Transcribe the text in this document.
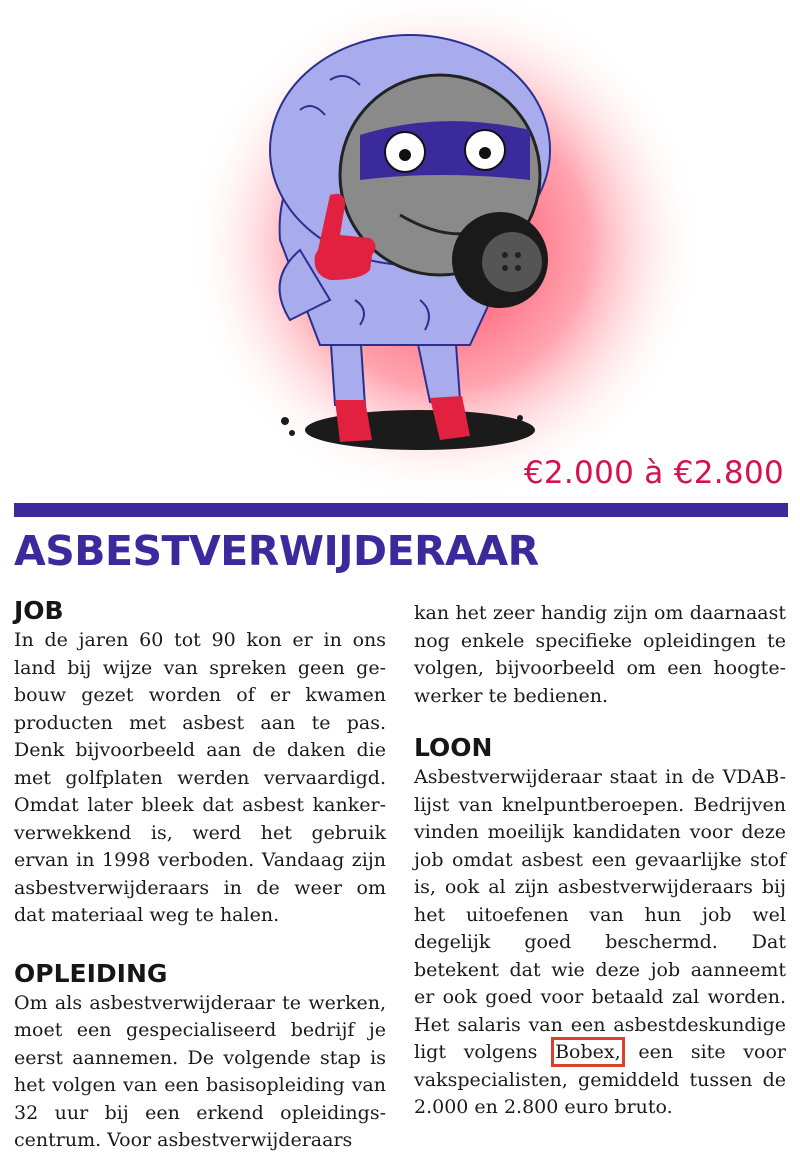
€2.000 à €2.800
ASBESTVERWIJDERAAR
JOB

In de jaren 60 tot 90 kon er in ons land bij wijze van spreken geen gebouw gezet worden of er kwamen producten met asbest aan te pas. Denk bijvoorbeeld aan de daken die met golfplaten werden vervaardigd. Omdat later bleek dat asbest kankerverwekkend is, werd het gebruik ervan in 1998 verboden. Vandaag zijn asbestverwijderaars in de weer om dat materiaal weg te halen.

OPLEIDING

Om als asbestverwijderaar te werken, moet een gespecialiseerd bedrijf je eerst aannemen. De volgende stap is het volgen van een basisopleiding van 32 uur bij een erkend opleidingscentrum. Voor asbestverwijderaars

kan het zeer handig zijn om daarnaast nog enkele specifieke opleidingen te volgen, bijvoorbeeld om een hoogtewerker te bedienen.

LOON

Asbestverwijderaar staat in de VDAB-lijst van knelpuntberoepen. Bedrijven vinden moeilijk kandidaten voor deze job omdat asbest een gevaarlijke stof is, ook al zijn asbestverwijderaars bij het uitoefenen van hun job wel degelijk goed beschermd. Dat betekent dat wie deze job aanneemt er ook goed voor betaald zal worden. Het salaris van een asbestdeskundige ligt volgens Bobex, een site voor vakspecialisten, gemiddeld tussen de 2.000 en 2.800 euro bruto.
